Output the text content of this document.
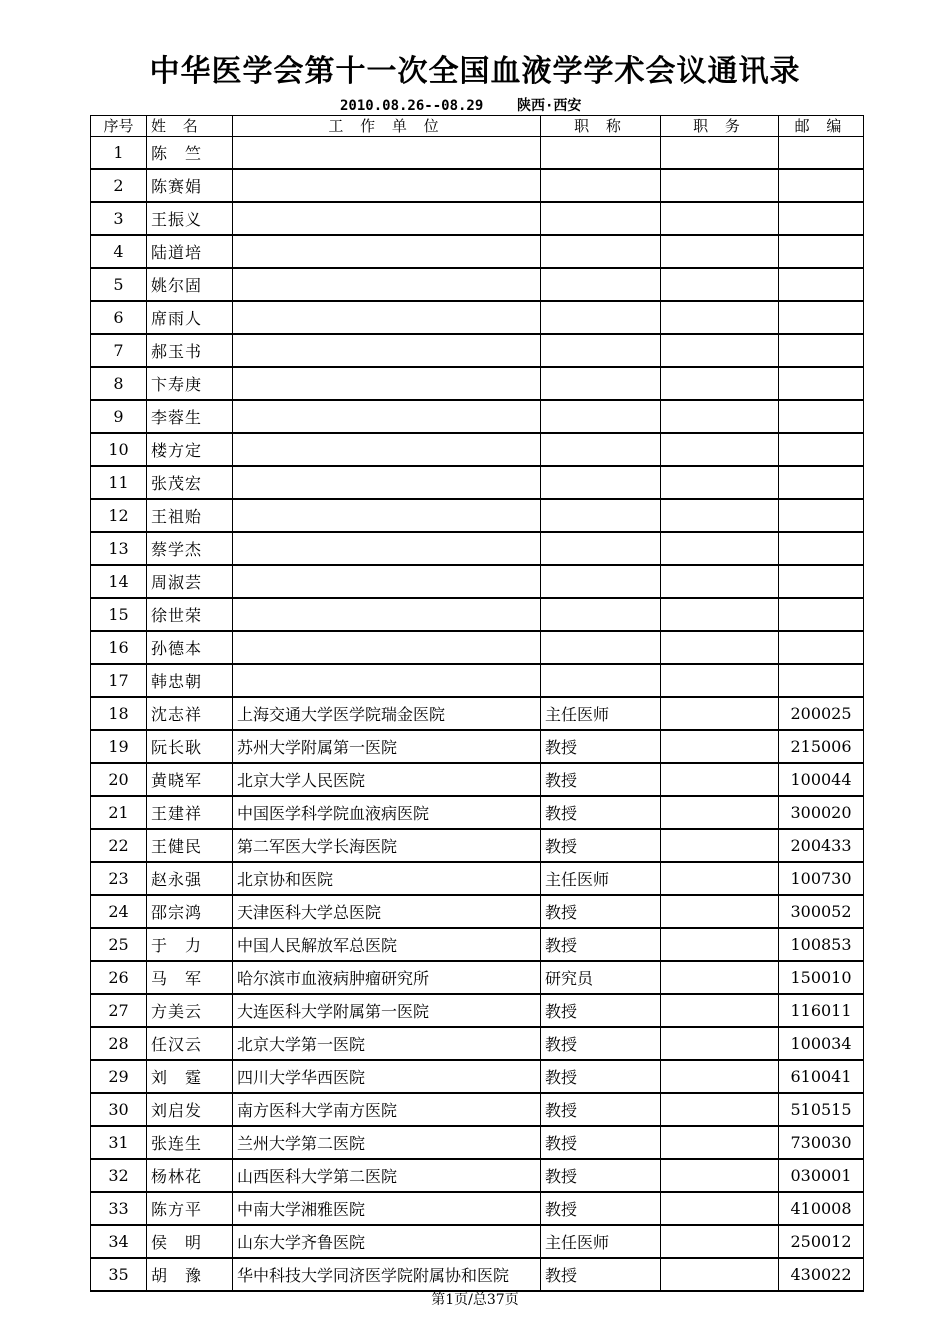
中华医学会第十一次全国血液学学术会议通讯录
2010.08.26--08.29    陕西·西安
序号	姓 名	工 作 单 位	职 称	职 务	邮 编
1	陈　竺				
2	陈赛娟				
3	王振义				
4	陆道培				
5	姚尔固				
6	席雨人				
7	郝玉书				
8	卞寿庚				
9	李蓉生				
10	楼方定				
11	张茂宏				
12	王祖贻				
13	蔡学杰				
14	周淑芸				
15	徐世荣				
16	孙德本				
17	韩忠朝				
18	沈志祥	上海交通大学医学院瑞金医院	主任医师		200025
19	阮长耿	苏州大学附属第一医院	教授		215006
20	黄晓军	北京大学人民医院	教授		100044
21	王建祥	中国医学科学院血液病医院	教授		300020
22	王健民	第二军医大学长海医院	教授		200433
23	赵永强	北京协和医院	主任医师		100730
24	邵宗鸿	天津医科大学总医院	教授		300052
25	于　力	中国人民解放军总医院	教授		100853
26	马　军	哈尔滨市血液病肿瘤研究所	研究员		150010
27	方美云	大连医科大学附属第一医院	教授		116011
28	任汉云	北京大学第一医院	教授		100034
29	刘　霆	四川大学华西医院	教授		610041
30	刘启发	南方医科大学南方医院	教授		510515
31	张连生	兰州大学第二医院	教授		730030
32	杨林花	山西医科大学第二医院	教授		030001
33	陈方平	中南大学湘雅医院	教授		410008
34	侯　明	山东大学齐鲁医院	主任医师		250012
35	胡　豫	华中科技大学同济医学院附属协和医院	教授		430022
第1页/总37页
